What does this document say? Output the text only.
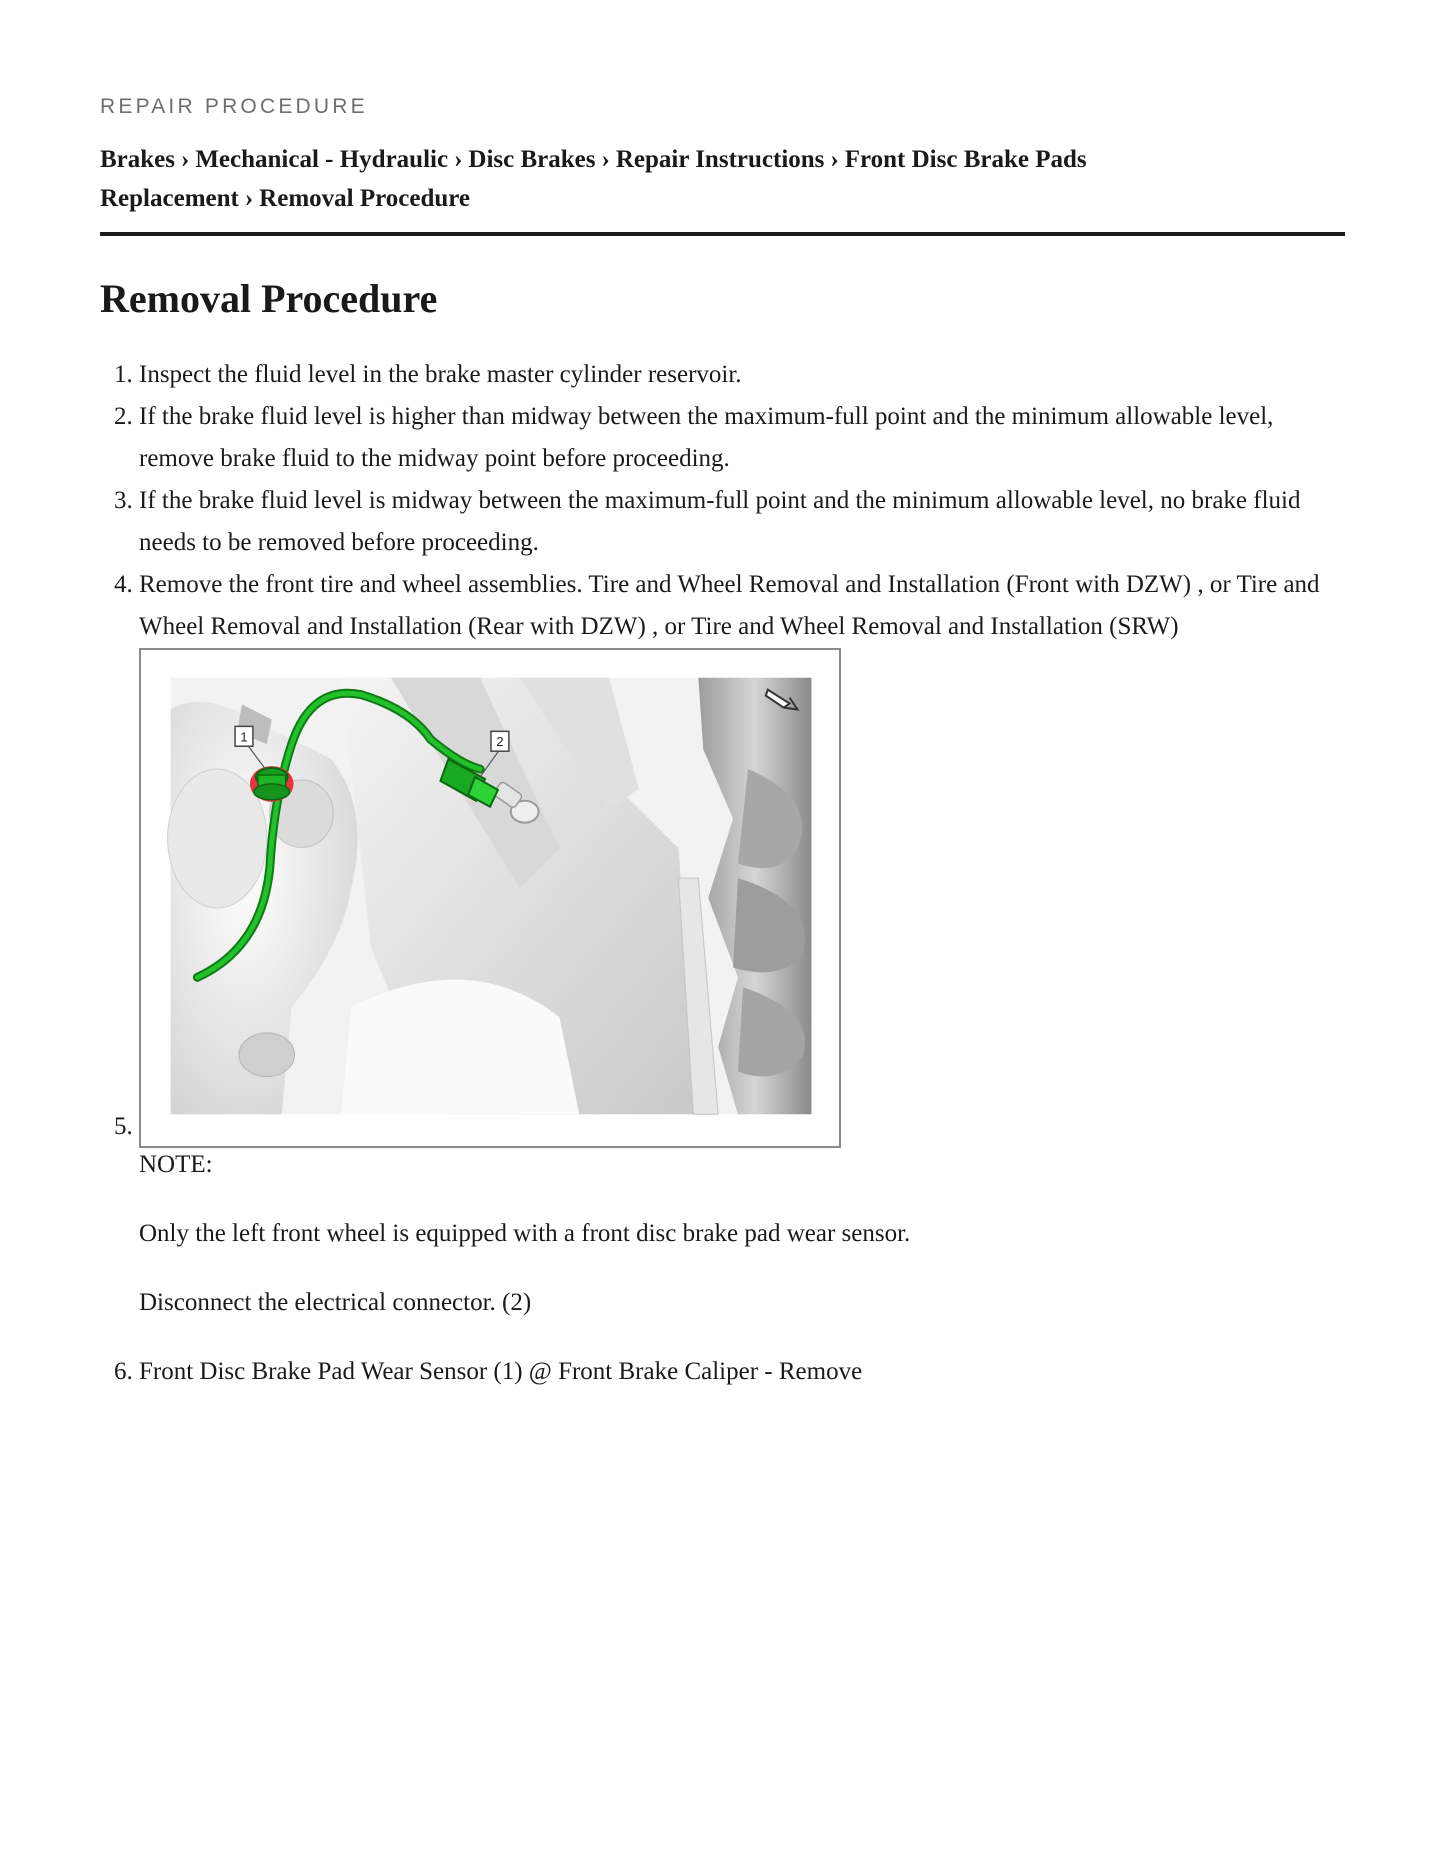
REPAIR PROCEDURE

Brakes › Mechanical - Hydraulic › Disc Brakes › Repair Instructions › Front Disc Brake Pads Replacement › Removal Procedure

Removal Procedure
1. Inspect the fluid level in the brake master cylinder reservoir.
2. If the brake fluid level is higher than midway between the maximum-full point and the minimum allowable level, remove brake fluid to the midway point before proceeding.
3. If the brake fluid level is midway between the maximum-full point and the minimum allowable level, no brake fluid needs to be removed before proceeding.
4. Remove the front tire and wheel assemblies. Tire and Wheel Removal and Installation (Front with DZW) , or Tire and Wheel Removal and Installation (Rear with DZW) , or Tire and Wheel Removal and Installation (SRW)
5. 1	2

NOTE:

Only the left front wheel is equipped with a front disc brake pad wear sensor.

Disconnect the electrical connector. (2)

6. Front Disc Brake Pad Wear Sensor (1) @ Front Brake Caliper - Remove
